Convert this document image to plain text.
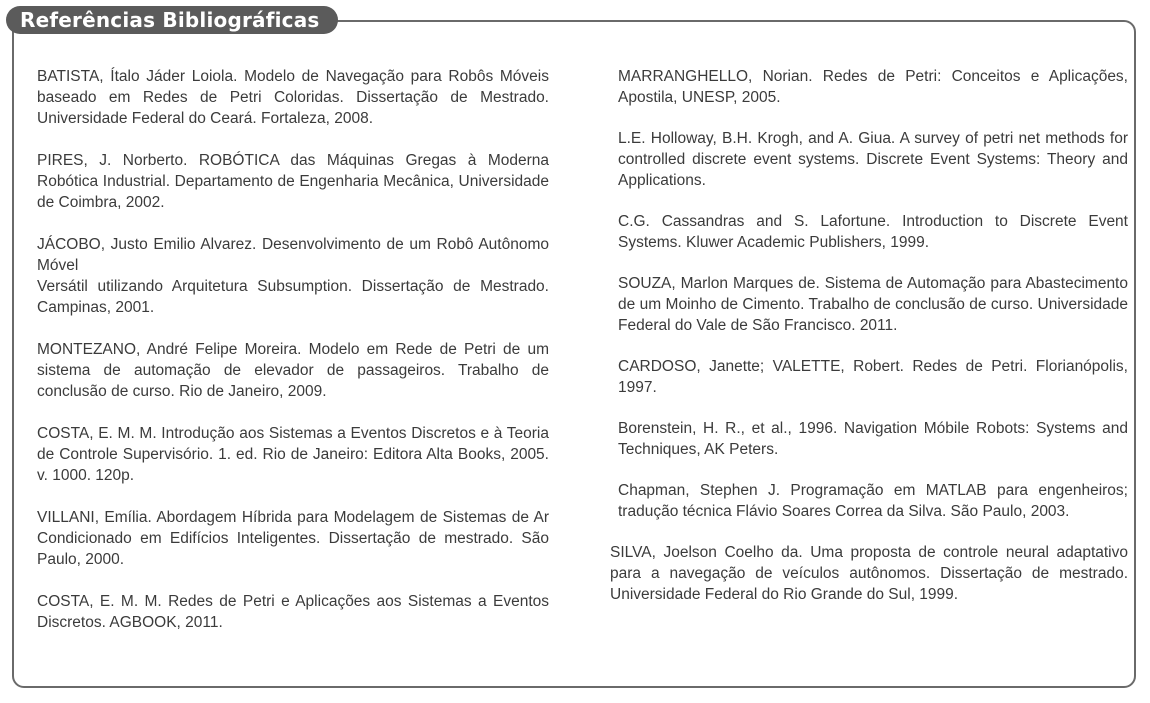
Referências Bibliográficas

BATISTA, Ítalo Jáder Loiola. Modelo de Navegação para Robôs Móveis baseado em Redes de Petri Coloridas. Dissertação de Mestrado. Universidade Federal do Ceará. Fortaleza, 2008.

PIRES, J. Norberto. ROBÓTICA das Máquinas Gregas à Moderna Robótica Industrial. Departamento de Engenharia Mecânica, Universidade de Coimbra, 2002.

JÁCOBO, Justo Emilio Alvarez. Desenvolvimento de um Robô Autônomo Móvel
Versátil utilizando Arquitetura Subsumption. Dissertação de Mestrado. Campinas, 2001.

MONTEZANO, André Felipe Moreira. Modelo em Rede de Petri de um sistema de automação de elevador de passageiros. Trabalho de conclusão de curso. Rio de Janeiro, 2009.

COSTA, E. M. M. Introdução aos Sistemas a Eventos Discretos e à Teoria de Controle Supervisório. 1. ed. Rio de Janeiro: Editora Alta Books, 2005. v. 1000. 120p.

VILLANI, Emília. Abordagem Híbrida para Modelagem de Sistemas de Ar Condicionado em Edifícios Inteligentes. Dissertação de mestrado. São Paulo, 2000.

COSTA, E. M. M. Redes de Petri e Aplicações aos Sistemas a Eventos Discretos. AGBOOK, 2011.

MARRANGHELLO, Norian. Redes de Petri: Conceitos e Aplicações, Apostila, UNESP, 2005.

L.E. Holloway, B.H. Krogh, and A. Giua. A survey of petri net methods for controlled discrete event systems. Discrete Event Systems: Theory and Applications.

C.G. Cassandras and S. Lafortune. Introduction to Discrete Event Systems. Kluwer Academic Publishers, 1999.

SOUZA, Marlon Marques de. Sistema de Automação para Abastecimento de um Moinho de Cimento. Trabalho de conclusão de curso. Universidade Federal do Vale de São Francisco. 2011.

CARDOSO, Janette; VALETTE, Robert. Redes de Petri. Florianópolis, 1997.

Borenstein, H. R., et al., 1996. Navigation Móbile Robots: Systems and Techniques, AK Peters.

Chapman, Stephen J. Programação em MATLAB para engenheiros; tradução técnica Flávio Soares Correa da Silva. São Paulo, 2003.

SILVA, Joelson Coelho da. Uma proposta de controle neural adaptativo para a navegação de veículos autônomos. Dissertação de mestrado. Universidade Federal do Rio Grande do Sul, 1999.
